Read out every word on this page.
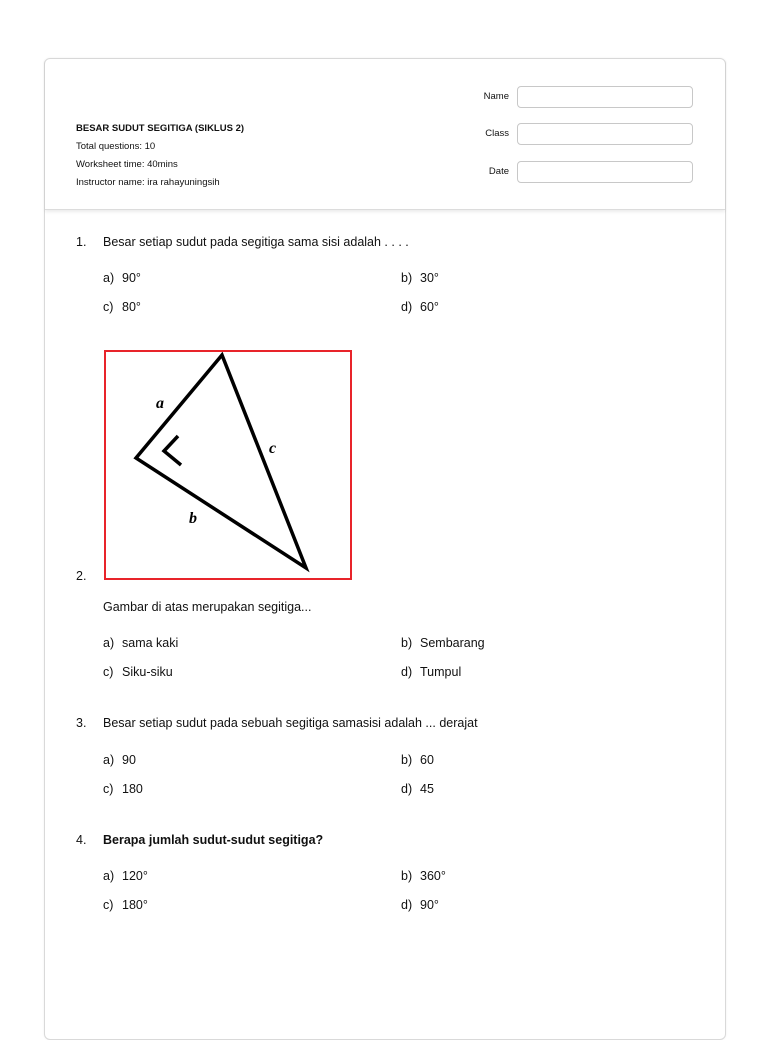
BESAR SUDUT SEGITIGA (SIKLUS 2)
Total questions: 10
Worksheet time: 40mins
Instructor name: ira rahayuningsih
Name
Class
Date
1. Besar setiap sudut pada segitiga sama sisi adalah . . . .
a) 90°	b) 30°
c) 80°	d) 60°
a
c
b
2.
Gambar di atas merupakan segitiga...
a) sama kaki	b) Sembarang
c) Siku-siku	d) Tumpul
3. Besar setiap sudut pada sebuah segitiga samasisi adalah ... derajat
a) 90	b) 60
c) 180	d) 45
4. Berapa jumlah sudut-sudut segitiga?
a) 120°	b) 360°
c) 180°	d) 90°
